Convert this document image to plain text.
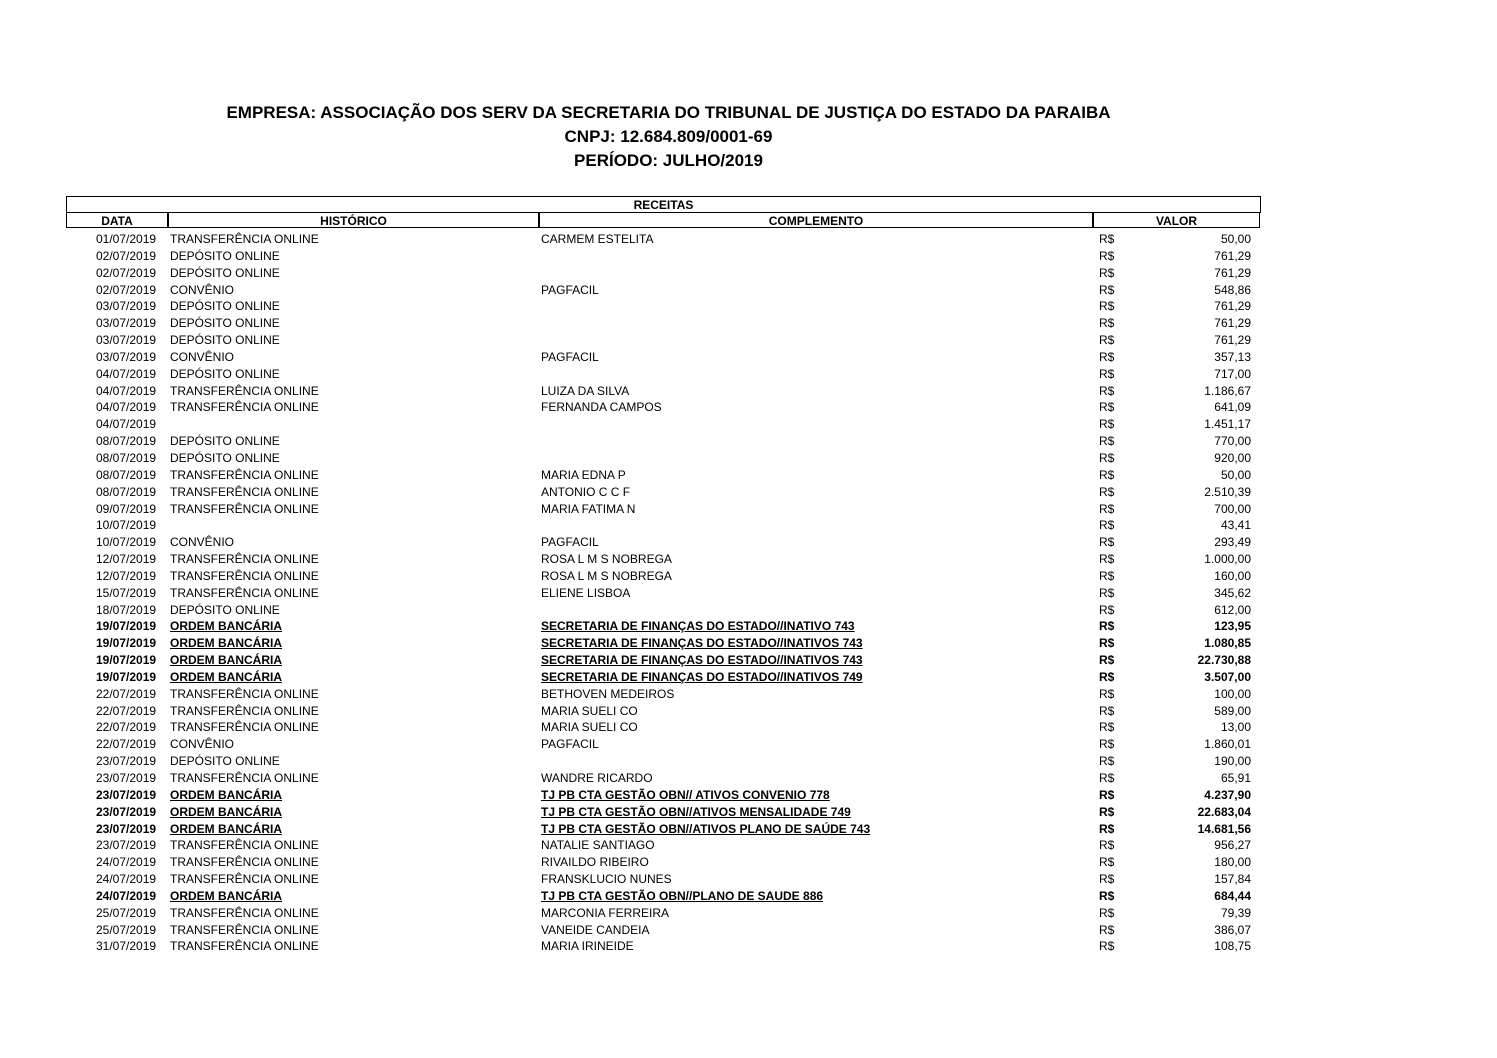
EMPRESA: ASSOCIAÇÃO DOS SERV DA SECRETARIA DO TRIBUNAL DE JUSTIÇA DO ESTADO DA PARAIBA
CNPJ: 12.684.809/0001-69
PERÍODO: JULHO/2019
RECEITAS
DATA	HISTÓRICO	COMPLEMENTO	VALOR
01/07/2019 TRANSFERÊNCIA ONLINE	CARMEM ESTELITA	R$	50,00
02/07/2019 DEPÓSITO ONLINE	R$	761,29
02/07/2019 DEPÓSITO ONLINE	R$	761,29
02/07/2019 CONVÊNIO	PAGFACIL	R$	548,86
03/07/2019 DEPÓSITO ONLINE	R$	761,29
03/07/2019 DEPÓSITO ONLINE	R$	761,29
03/07/2019 DEPÓSITO ONLINE	R$	761,29
03/07/2019 CONVÊNIO	PAGFACIL	R$	357,13
04/07/2019 DEPÓSITO ONLINE	R$	717,00
04/07/2019 TRANSFERÊNCIA ONLINE	LUIZA DA SILVA	R$	1.186,67
04/07/2019 TRANSFERÊNCIA ONLINE	FERNANDA CAMPOS	R$	641,09
04/07/2019	R$	1.451,17
08/07/2019 DEPÓSITO ONLINE	R$	770,00
08/07/2019 DEPÓSITO ONLINE	R$	920,00
08/07/2019 TRANSFERÊNCIA ONLINE	MARIA EDNA P	R$	50,00
08/07/2019 TRANSFERÊNCIA ONLINE	ANTONIO C C F	R$	2.510,39
09/07/2019 TRANSFERÊNCIA ONLINE	MARIA FATIMA N	R$	700,00
10/07/2019	R$	43,41
10/07/2019 CONVÊNIO	PAGFACIL	R$	293,49
12/07/2019 TRANSFERÊNCIA ONLINE	ROSA L M S NOBREGA	R$	1.000,00
12/07/2019 TRANSFERÊNCIA ONLINE	ROSA L M S NOBREGA	R$	160,00
15/07/2019 TRANSFERÊNCIA ONLINE	ELIENE LISBOA	R$	345,62
18/07/2019 DEPÓSITO ONLINE	R$	612,00
19/07/2019 ORDEM BANCÁRIA	SECRETARIA DE FINANÇAS DO ESTADO//INATIVO 743	R$	123,95
19/07/2019 ORDEM BANCÁRIA	SECRETARIA DE FINANÇAS DO ESTADO//INATIVOS 743	R$	1.080,85
19/07/2019 ORDEM BANCÁRIA	SECRETARIA DE FINANÇAS DO ESTADO//INATIVOS 743	R$	22.730,88
19/07/2019 ORDEM BANCÁRIA	SECRETARIA DE FINANÇAS DO ESTADO//INATIVOS 749	R$	3.507,00
22/07/2019 TRANSFERÊNCIA ONLINE	BETHOVEN MEDEIROS	R$	100,00
22/07/2019 TRANSFERÊNCIA ONLINE	MARIA SUELI CO	R$	589,00
22/07/2019 TRANSFERÊNCIA ONLINE	MARIA SUELI CO	R$	13,00
22/07/2019 CONVÊNIO	PAGFACIL	R$	1.860,01
23/07/2019 DEPÓSITO ONLINE	R$	190,00
23/07/2019 TRANSFERÊNCIA ONLINE	WANDRE RICARDO	R$	65,91
23/07/2019 ORDEM BANCÁRIA	TJ PB CTA GESTÃO OBN// ATIVOS CONVENIO 778	R$	4.237,90
23/07/2019 ORDEM BANCÁRIA	TJ PB CTA GESTÃO OBN//ATIVOS MENSALIDADE 749	R$	22.683,04
23/07/2019 ORDEM BANCÁRIA	TJ PB CTA GESTÃO OBN//ATIVOS PLANO DE SAÚDE 743	R$	14.681,56
23/07/2019 TRANSFERÊNCIA ONLINE	NATALIE SANTIAGO	R$	956,27
24/07/2019 TRANSFERÊNCIA ONLINE	RIVAILDO RIBEIRO	R$	180,00
24/07/2019 TRANSFERÊNCIA ONLINE	FRANSKLUCIO NUNES	R$	157,84
24/07/2019 ORDEM BANCÁRIA	TJ PB CTA GESTÃO OBN//PLANO DE SAUDE 886	R$	684,44
25/07/2019 TRANSFERÊNCIA ONLINE	MARCONIA FERREIRA	R$	79,39
25/07/2019 TRANSFERÊNCIA ONLINE	VANEIDE CANDEIA	R$	386,07
31/07/2019 TRANSFERÊNCIA ONLINE	MARIA IRINEIDE	R$	108,75
